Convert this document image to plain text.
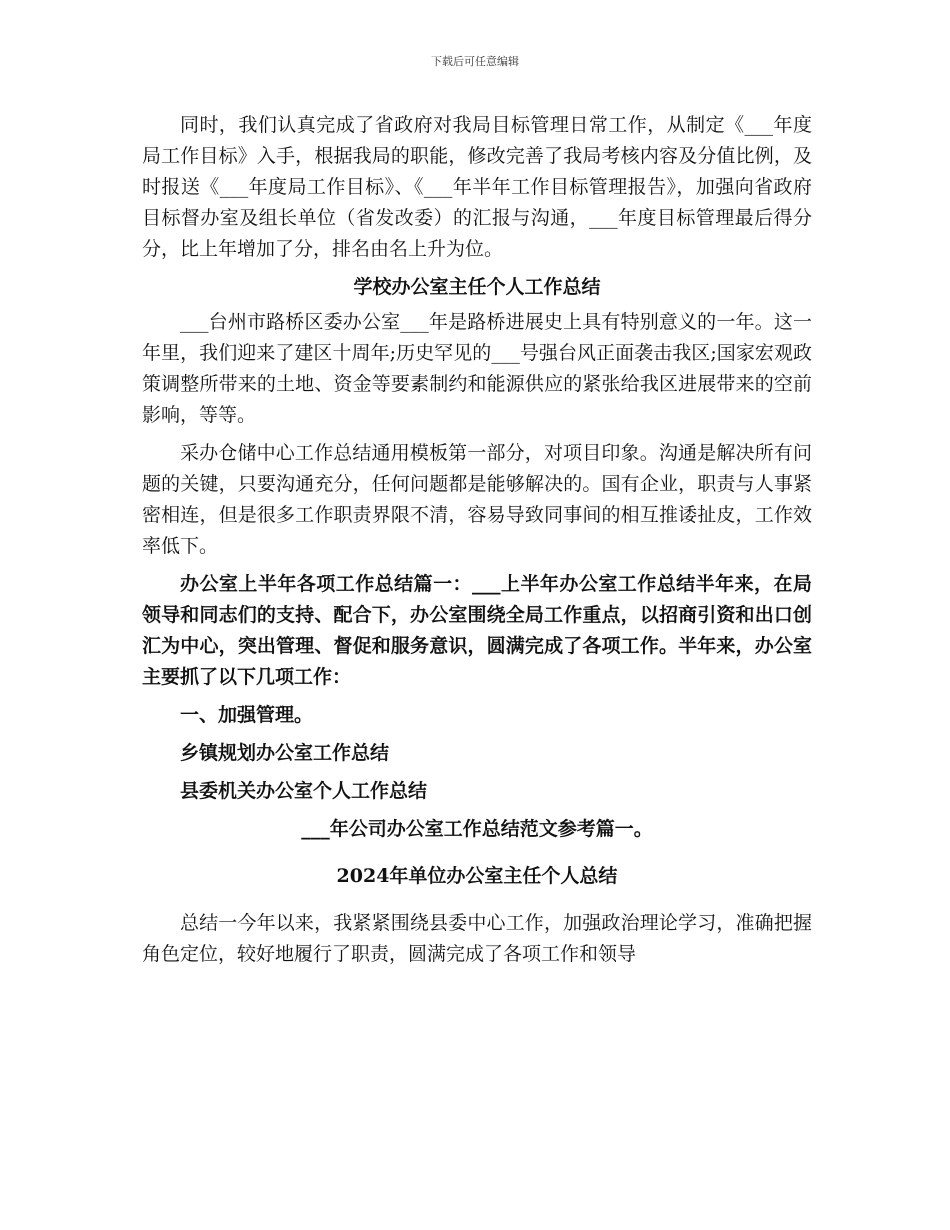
下载后可任意编辑

同时，我们认真完成了省政府对我局目标管理日常工作，从制定《___年度局工作目标》入手，根据我局的职能，修改完善了我局考核内容及分值比例，及时报送《___年度局工作目标》、《___年半年工作目标管理报告》，加强向省政府目标督办室及组长单位（省发改委）的汇报与沟通，___年度目标管理最后得分分，比上年增加了分，排名由名上升为位。

学校办公室主任个人工作总结

___台州市路桥区委办公室___年是路桥进展史上具有特别意义的一年。这一年里，我们迎来了建区十周年;历史罕见的___号强台风正面袭击我区;国家宏观政策调整所带来的土地、资金等要素制约和能源供应的紧张给我区进展带来的空前影响，等等。

采办仓储中心工作总结通用模板第一部分，对项目印象。沟通是解决所有问题的关键，只要沟通充分，任何问题都是能够解决的。国有企业，职责与人事紧密相连，但是很多工作职责界限不清，容易导致同事间的相互推诿扯皮，工作效率低下。

办公室上半年各项工作总结篇一：___上半年办公室工作总结半年来，在局领导和同志们的支持、配合下，办公室围绕全局工作重点，以招商引资和出口创汇为中心，突出管理、督促和服务意识，圆满完成了各项工作。半年来，办公室主要抓了以下几项工作：

一、加强管理。

乡镇规划办公室工作总结

县委机关办公室个人工作总结

___年公司办公室工作总结范文参考篇一。

2024年单位办公室主任个人总结

总结一今年以来，我紧紧围绕县委中心工作，加强政治理论学习，准确把握角色定位，较好地履行了职责，圆满完成了各项工作和领导
